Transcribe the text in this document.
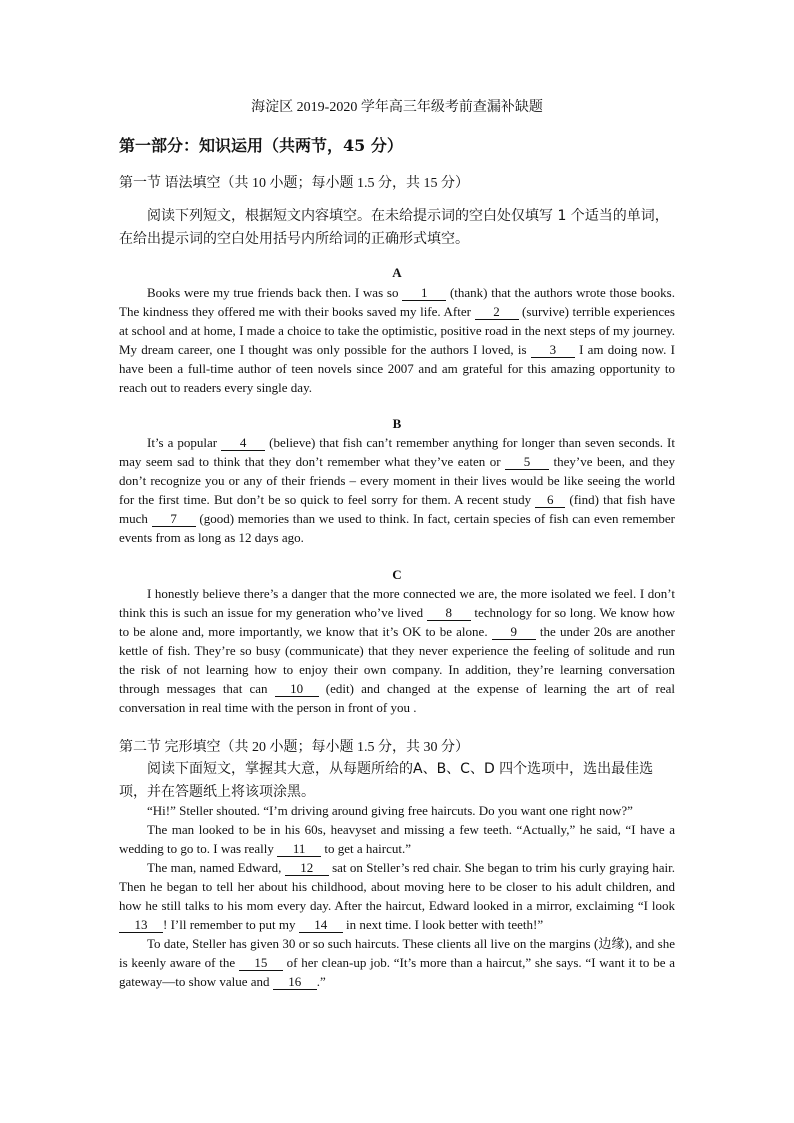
海淀区 2019-2020 学年高三年级考前查漏补缺题
第一部分：知识运用（共两节，45 分）
第一节 语法填空（共 10 小题；每小题 1.5 分，共 15 分）
阅读下列短文，根据短文内容填空。在未给提示词的空白处仅填写 1 个适当的单词，在给出提示词的空白处用括号内所给词的正确形式填空。
A
Books were my true friends back then. I was so 1 (thank) that the authors wrote those books. The kindness they offered me with their books saved my life. After 2 (survive) terrible experiences at school and at home, I made a choice to take the optimistic, positive road in the next steps of my journey. My dream career, one I thought was only possible for the authors I loved, is 3 I am doing now. I have been a full-time author of teen novels since 2007 and am grateful for this amazing opportunity to reach out to readers every single day.
B
It’s a popular 4 (believe) that fish can’t remember anything for longer than seven seconds. It may seem sad to think that they don’t remember what they’ve eaten or 5 they’ve been, and they don’t recognize you or any of their friends – every moment in their lives would be like seeing the world for the first time. But don’t be so quick to feel sorry for them. A recent study 6 (find) that fish have much 7 (good) memories than we used to think. In fact, certain species of fish can even remember events from as long as 12 days ago.
C
I honestly believe there’s a danger that the more connected we are, the more isolated we feel. I don’t think this is such an issue for my generation who’ve lived 8 technology for so long. We know how to be alone and, more importantly, we know that it’s OK to be alone. 9 the under 20s are another kettle of fish. They’re so busy (communicate) that they never experience the feeling of solitude and run the risk of not learning how to enjoy their own company. In addition, they’re learning conversation through messages that can 10 (edit) and changed at the expense of learning the art of real conversation in real time with the person in front of you .
第二节 完形填空（共 20 小题；每小题 1.5 分，共 30 分）
阅读下面短文，掌握其大意，从每题所给的A、B、C、D 四个选项中，选出最佳选项，并在答题纸上将该项涂黑。

“Hi!” Steller shouted. “I’m driving around giving free haircuts. Do you want one right now?”

The man looked to be in his 60s, heavyset and missing a few teeth. “Actually,” he said, “I have a wedding to go to. I was really 11 to get a haircut.”

The man, named Edward, 12 sat on Steller’s red chair. She began to trim his curly graying hair. Then he began to tell her about his childhood, about moving here to be closer to his adult children, and how he still talks to his mom every day. After the haircut, Edward looked in a mirror, exclaiming “I look 13 ! I’ll remember to put my 14 in next time. I look better with teeth!”

To date, Steller has given 30 or so such haircuts. These clients all live on the margins (边缘), and she is keenly aware of the 15 of her clean-up job. “It’s more than a haircut,” she says. “I want it to be a gateway—to show value and 16 .”
